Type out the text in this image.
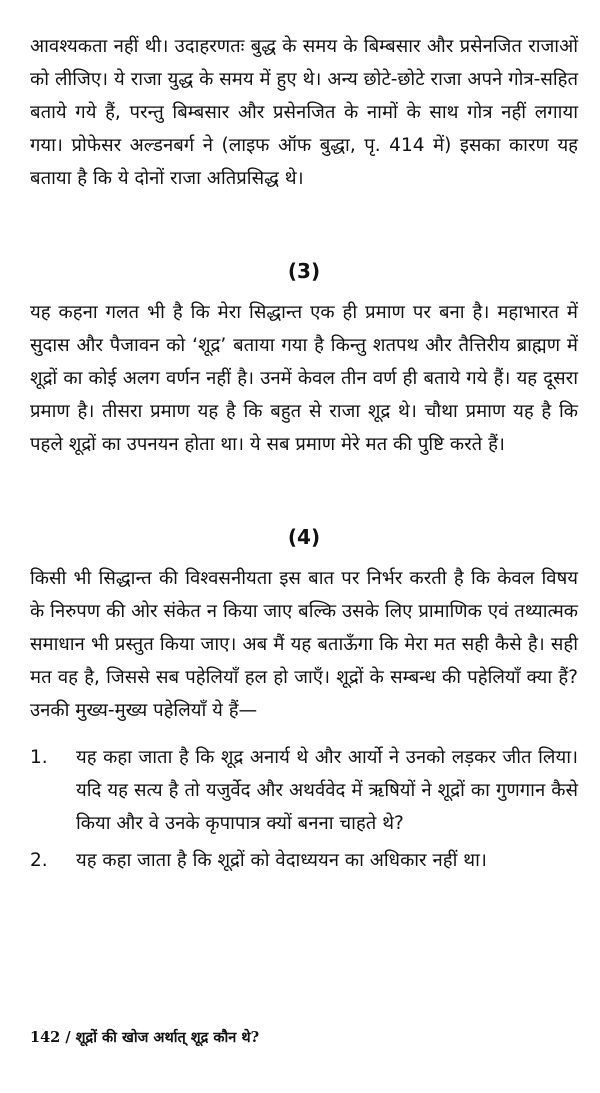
आवश्यकता नहीं थी। उदाहरणतः बुद्ध के समय के बिम्बसार और प्रसेनजित राजाओं को लीजिए। ये राजा युद्ध के समय में हुए थे। अन्य छोटे-छोटे राजा अपने गोत्र-सहित बताये गये हैं, परन्तु बिम्बसार और प्रसेनजित के नामों के साथ गोत्र नहीं लगाया गया। प्रोफेसर अल्डनबर्ग ने (लाइफ ऑफ बुद्धा, पृ. 414 में) इसका कारण यह बताया है कि ये दोनों राजा अतिप्रसिद्ध थे।

(3)

यह कहना गलत भी है कि मेरा सिद्धान्त एक ही प्रमाण पर बना है। महाभारत में सुदास और पैजावन को ‘शूद्र’ बताया गया है किन्तु शतपथ और तैत्तिरीय ब्राह्मण में शूद्रों का कोई अलग वर्णन नहीं है। उनमें केवल तीन वर्ण ही बताये गये हैं। यह दूसरा प्रमाण है। तीसरा प्रमाण यह है कि बहुत से राजा शूद्र थे। चौथा प्रमाण यह है कि पहले शूद्रों का उपनयन होता था। ये सब प्रमाण मेरे मत की पुष्टि करते हैं।

(4)

किसी भी सिद्धान्त की विश्वसनीयता इस बात पर निर्भर करती है कि केवल विषय के निरुपण की ओर संकेत न किया जाए बल्कि उसके लिए प्रामाणिक एवं तथ्यात्मक समाधान भी प्रस्तुत किया जाए। अब मैं यह बताऊँगा कि मेरा मत सही कैसे है। सही मत वह है, जिससे सब पहेलियाँ हल हो जाएँ। शूद्रों के सम्बन्ध की पहेलियाँ क्या हैं? उनकी मुख्य-मुख्य पहेलियाँ ये हैं—

1.	यह कहा जाता है कि शूद्र अनार्य थे और आर्यो ने उनको लड़कर जीत लिया। यदि यह सत्य है तो यजुर्वेद और अथर्ववेद में ऋषियों ने शूद्रों का गुणगान कैसे किया और वे उनके कृपापात्र क्यों बनना चाहते थे?
2.	यह कहा जाता है कि शूद्रों को वेदाध्ययन का अधिकार नहीं था।
142 / शूद्रों की खोज अर्थात् शूद्र कौन थे?
